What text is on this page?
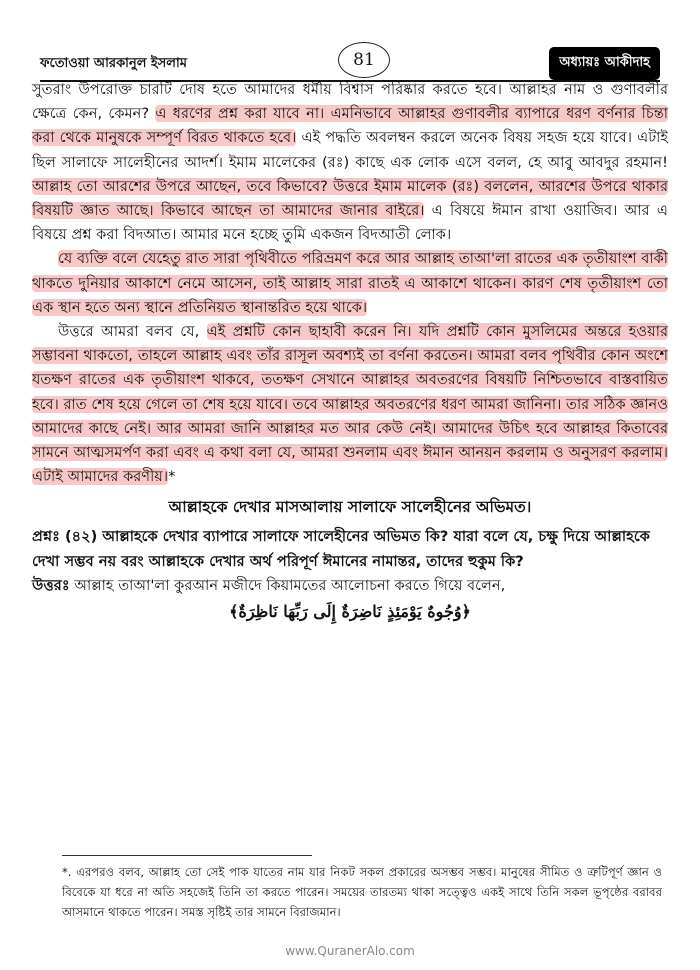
ফতোওয়া আরকানুল ইসলাম	81	অধ্যায়ঃ আকীদাহ

সুতরাং উপরোক্ত চারটি দোষ হতে আমাদের ধর্মীয় বিশ্বাস পরিষ্কার করতে হবে। আল্লাহর নাম ও গুণাবলীর ক্ষেত্রে কেন, কেমন? এ ধরণের প্রশ্ন করা যাবে না। এমনিভাবে আল্লাহর গুণাবলীর ব্যাপারে ধরণ বর্ণনার চিন্তা করা থেকে মানুষকে সম্পূর্ণ বিরত থাকতে হবে। এই পদ্ধতি অবলম্বন করলে অনেক বিষয় সহজ হয়ে যাবে। এটাই ছিল সালাফে সালেহীনের আদর্শ। ইমাম মালেকের (রঃ) কাছে এক লোক এসে বলল, হে আবু আবদুর রহমান! আল্লাহ তো আরশের উপরে আছেন, তবে কিভাবে? উত্তরে ইমাম মালেক (রঃ) বললেন, আরশের উপরে থাকার বিষয়টি জ্ঞাত আছে। কিভাবে আছেন তা আমাদের জানার বাইরে। এ বিষয়ে ঈমান রাখা ওয়াজিব। আর এ বিষয়ে প্রশ্ন করা বিদআত। আমার মনে হচ্ছে তুমি একজন বিদআতী লোক।

যে ব্যক্তি বলে যেহেতু রাত সারা পৃথিবীতে পরিভ্রমণ করে আর আল্লাহ তাআ'লা রাতের এক তৃতীয়াংশ বাকী থাকতে দুনিয়ার আকাশে নেমে আসেন, তাই আল্লাহ সারা রাতই এ আকাশে থাকেন। কারণ শেষ তৃতীয়াংশ তো এক স্থান হতে অন্য স্থানে প্রতিনিয়ত স্থানান্তরিত হয়ে থাকে।

উত্তরে আমরা বলব যে, এই প্রশ্নটি কোন ছাহাবী করেন নি। যদি প্রশ্নটি কোন মুসলিমের অন্তরে হওয়ার সম্ভাবনা থাকতো, তাহলে আল্লাহ এবং তাঁর রাসূল অবশ্যই তা বর্ণনা করতেন। আমরা বলব পৃথিবীর কোন অংশে যতক্ষণ রাতের এক তৃতীয়াংশ থাকবে, ততক্ষণ সেখানে আল্লাহর অবতরণের বিষয়টি নিশ্চিতভাবে বাস্তবায়িত হবে। রাত শেষ হয়ে গেলে তা শেষ হয়ে যাবে। তবে আল্লাহর অবতরণের ধরণ আমরা জানিনা। তার সঠিক জ্ঞানও আমাদের কাছে নেই। আর আমরা জানি আল্লাহর মত আর কেউ নেই। আমাদের উচিৎ হবে আল্লাহর কিতাবের সামনে আত্মসমর্পণ করা এবং এ কথা বলা যে, আমরা শুনলাম এবং ঈমান আনয়ন করলাম ও অনুসরণ করলাম। এটাই আমাদের করণীয়।*

আল্লাহকে দেখার মাসআলায় সালাফে সালেহীনের অভিমত।

প্রশ্নঃ (৪২) আল্লাহকে দেখার ব্যাপারে সালাফে সালেহীনের অভিমত কি? যারা বলে যে, চক্ষু দিয়ে আল্লাহকে দেখা সম্ভব নয় বরং আল্লাহকে দেখার অর্থ পরিপূর্ণ ঈমানের নামান্তর, তাদের হুকুম কি?

উত্তরঃ আল্লাহ তাআ'লা কুরআন মজীদে কিয়ামতের আলোচনা করতে গিয়ে বলেন,

﴿وُجُوهٌ يَوْمَئِذٍ نَاضِرَةٌ إِلَى رَبِّهَا نَاظِرَةٌ﴾
*. এরপরও বলব, আল্লাহ তো সেই পাক যাতের নাম যার নিকট সকল প্রকারের অসম্ভব সম্ভব। মানুষের সীমিত ও ত্রুটিপূর্ণ জ্ঞান ও বিবেকে যা ধরে না অতি সহজেই তিনি তা করতে পারেন। সময়ের তারতম্য থাকা সত্ত্বেও একই সাথে তিনি সকল ভূপৃষ্ঠের বরাবর আসমানে থাকতে পারেন। সমস্ত সৃষ্টিই তার সামনে বিরাজমান।
www.QuranerAlo.com
